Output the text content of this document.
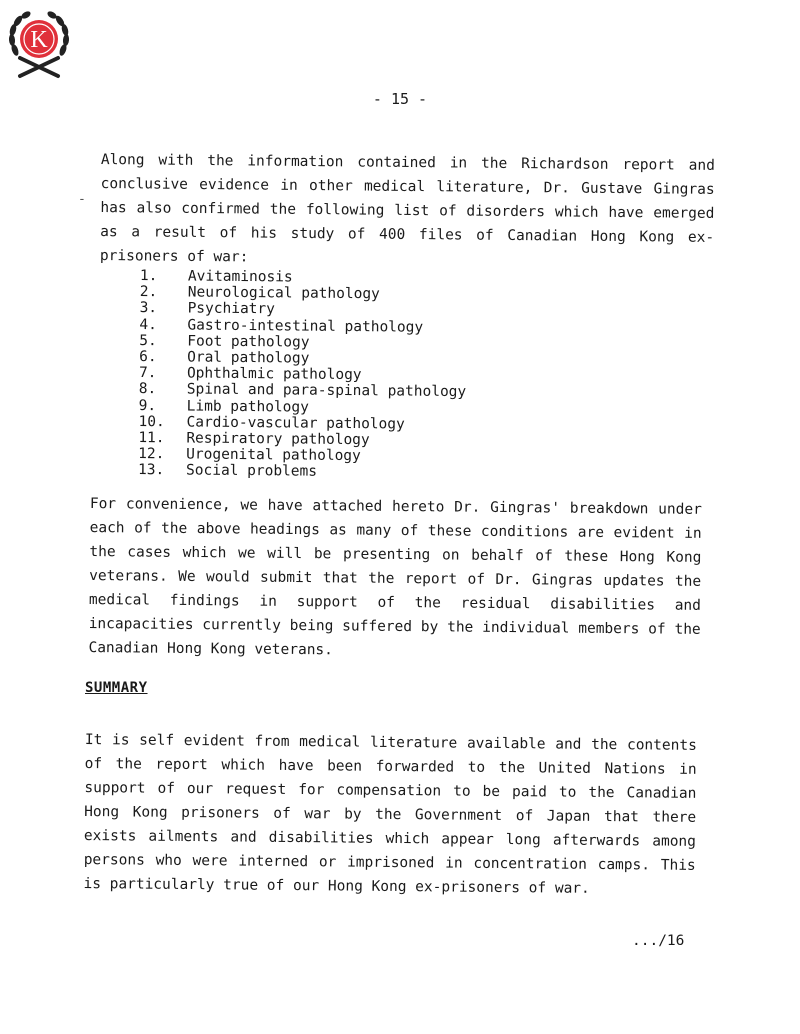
K
- 15 -
-

Along with the information contained in the Richardson report and conclusive evidence in other medical literature, Dr. Gustave Gingras has also confirmed the following list of disorders which have emerged as a result of his study of 400 files of Canadian Hong Kong ex-prisoners of war:

1. Avitaminosis
2. Neurological pathology
3. Psychiatry
4. Gastro-intestinal pathology
5. Foot pathology
6. Oral pathology
7. Ophthalmic pathology
8. Spinal and para-spinal pathology
9. Limb pathology
10. Cardio-vascular pathology
11. Respiratory pathology
12. Urogenital pathology
13. Social problems

For convenience, we have attached hereto Dr. Gingras' breakdown under each of the above headings as many of these conditions are evident in the cases which we will be presenting on behalf of these Hong Kong veterans. We would submit that the report of Dr. Gingras updates the medical findings in support of the residual disabilities and incapacities currently being suffered by the individual members of the Canadian Hong Kong veterans.

SUMMARY

It is self evident from medical literature available and the contents of the report which have been forwarded to the United Nations in support of our request for compensation to be paid to the Canadian Hong Kong prisoners of war by the Government of Japan that there exists ailments and disabilities which appear long afterwards among persons who were interned or imprisoned in concentration camps. This is particularly true of our Hong Kong ex-prisoners of war.

.../16
